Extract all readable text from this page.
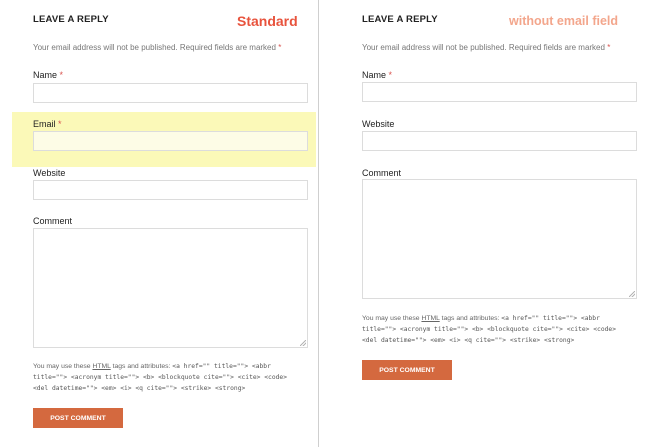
LEAVE A REPLY	Standard
Your email address will not be published. Required fields are marked *
Name *
Email *
Website
Comment
You may use these HTML tags and attributes: <a href="" title=""> <abbr
title=""> <acronym title=""> <b> <blockquote cite=""> <cite> <code>
<del datetime=""> <em> <i> <q cite=""> <strike> <strong>
POST COMMENT
LEAVE A REPLY	without email field
Your email address will not be published. Required fields are marked *
Name *
Website
Comment
You may use these HTML tags and attributes: <a href="" title=""> <abbr
title=""> <acronym title=""> <b> <blockquote cite=""> <cite> <code>
<del datetime=""> <em> <i> <q cite=""> <strike> <strong>
POST COMMENT
